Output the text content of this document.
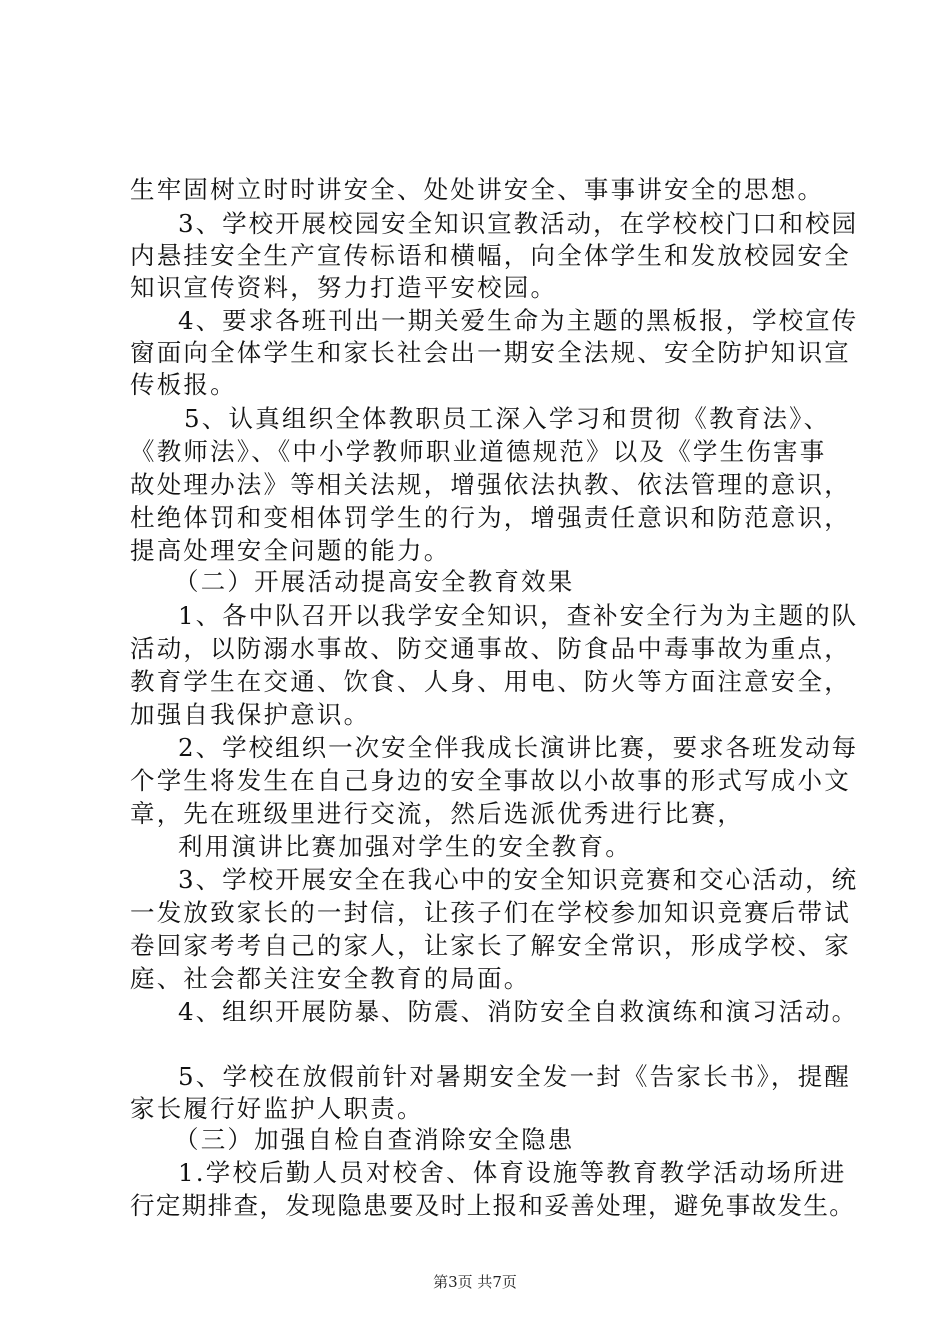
生牢固树立时时讲安全、处处讲安全、事事讲安全的思想。
3、学校开展校园安全知识宣教活动，在学校校门口和校园
内悬挂安全生产宣传标语和横幅，向全体学生和发放校园安全
知识宣传资料，努力打造平安校园。
4、要求各班刊出一期关爱生命为主题的黑板报，学校宣传
窗面向全体学生和家长社会出一期安全法规、安全防护知识宣
传板报。
5、认真组织全体教职员工深入学习和贯彻《教育法》、
《教师法》、《中小学教师职业道德规范》以及《学生伤害事
故处理办法》等相关法规，增强依法执教、依法管理的意识，
杜绝体罚和变相体罚学生的行为，增强责任意识和防范意识，
提高处理安全问题的能力。
（二）开展活动提高安全教育效果
1、各中队召开以我学安全知识，查补安全行为为主题的队
活动，以防溺水事故、防交通事故、防食品中毒事故为重点，
教育学生在交通、饮食、人身、用电、防火等方面注意安全，
加强自我保护意识。
2、学校组织一次安全伴我成长演讲比赛，要求各班发动每
个学生将发生在自己身边的安全事故以小故事的形式写成小文
章，先在班级里进行交流，然后选派优秀进行比赛，
利用演讲比赛加强对学生的安全教育。
3、学校开展安全在我心中的安全知识竞赛和交心活动，统
一发放致家长的一封信，让孩子们在学校参加知识竞赛后带试
卷回家考考自己的家人，让家长了解安全常识，形成学校、家
庭、社会都关注安全教育的局面。
4、组织开展防暴、防震、消防安全自救演练和演习活动。
5、学校在放假前针对暑期安全发一封《告家长书》，提醒
家长履行好监护人职责。
（三）加强自检自查消除安全隐患
1.学校后勤人员对校舍、体育设施等教育教学活动场所进
行定期排查，发现隐患要及时上报和妥善处理，避免事故发生。
第3页 共7页
